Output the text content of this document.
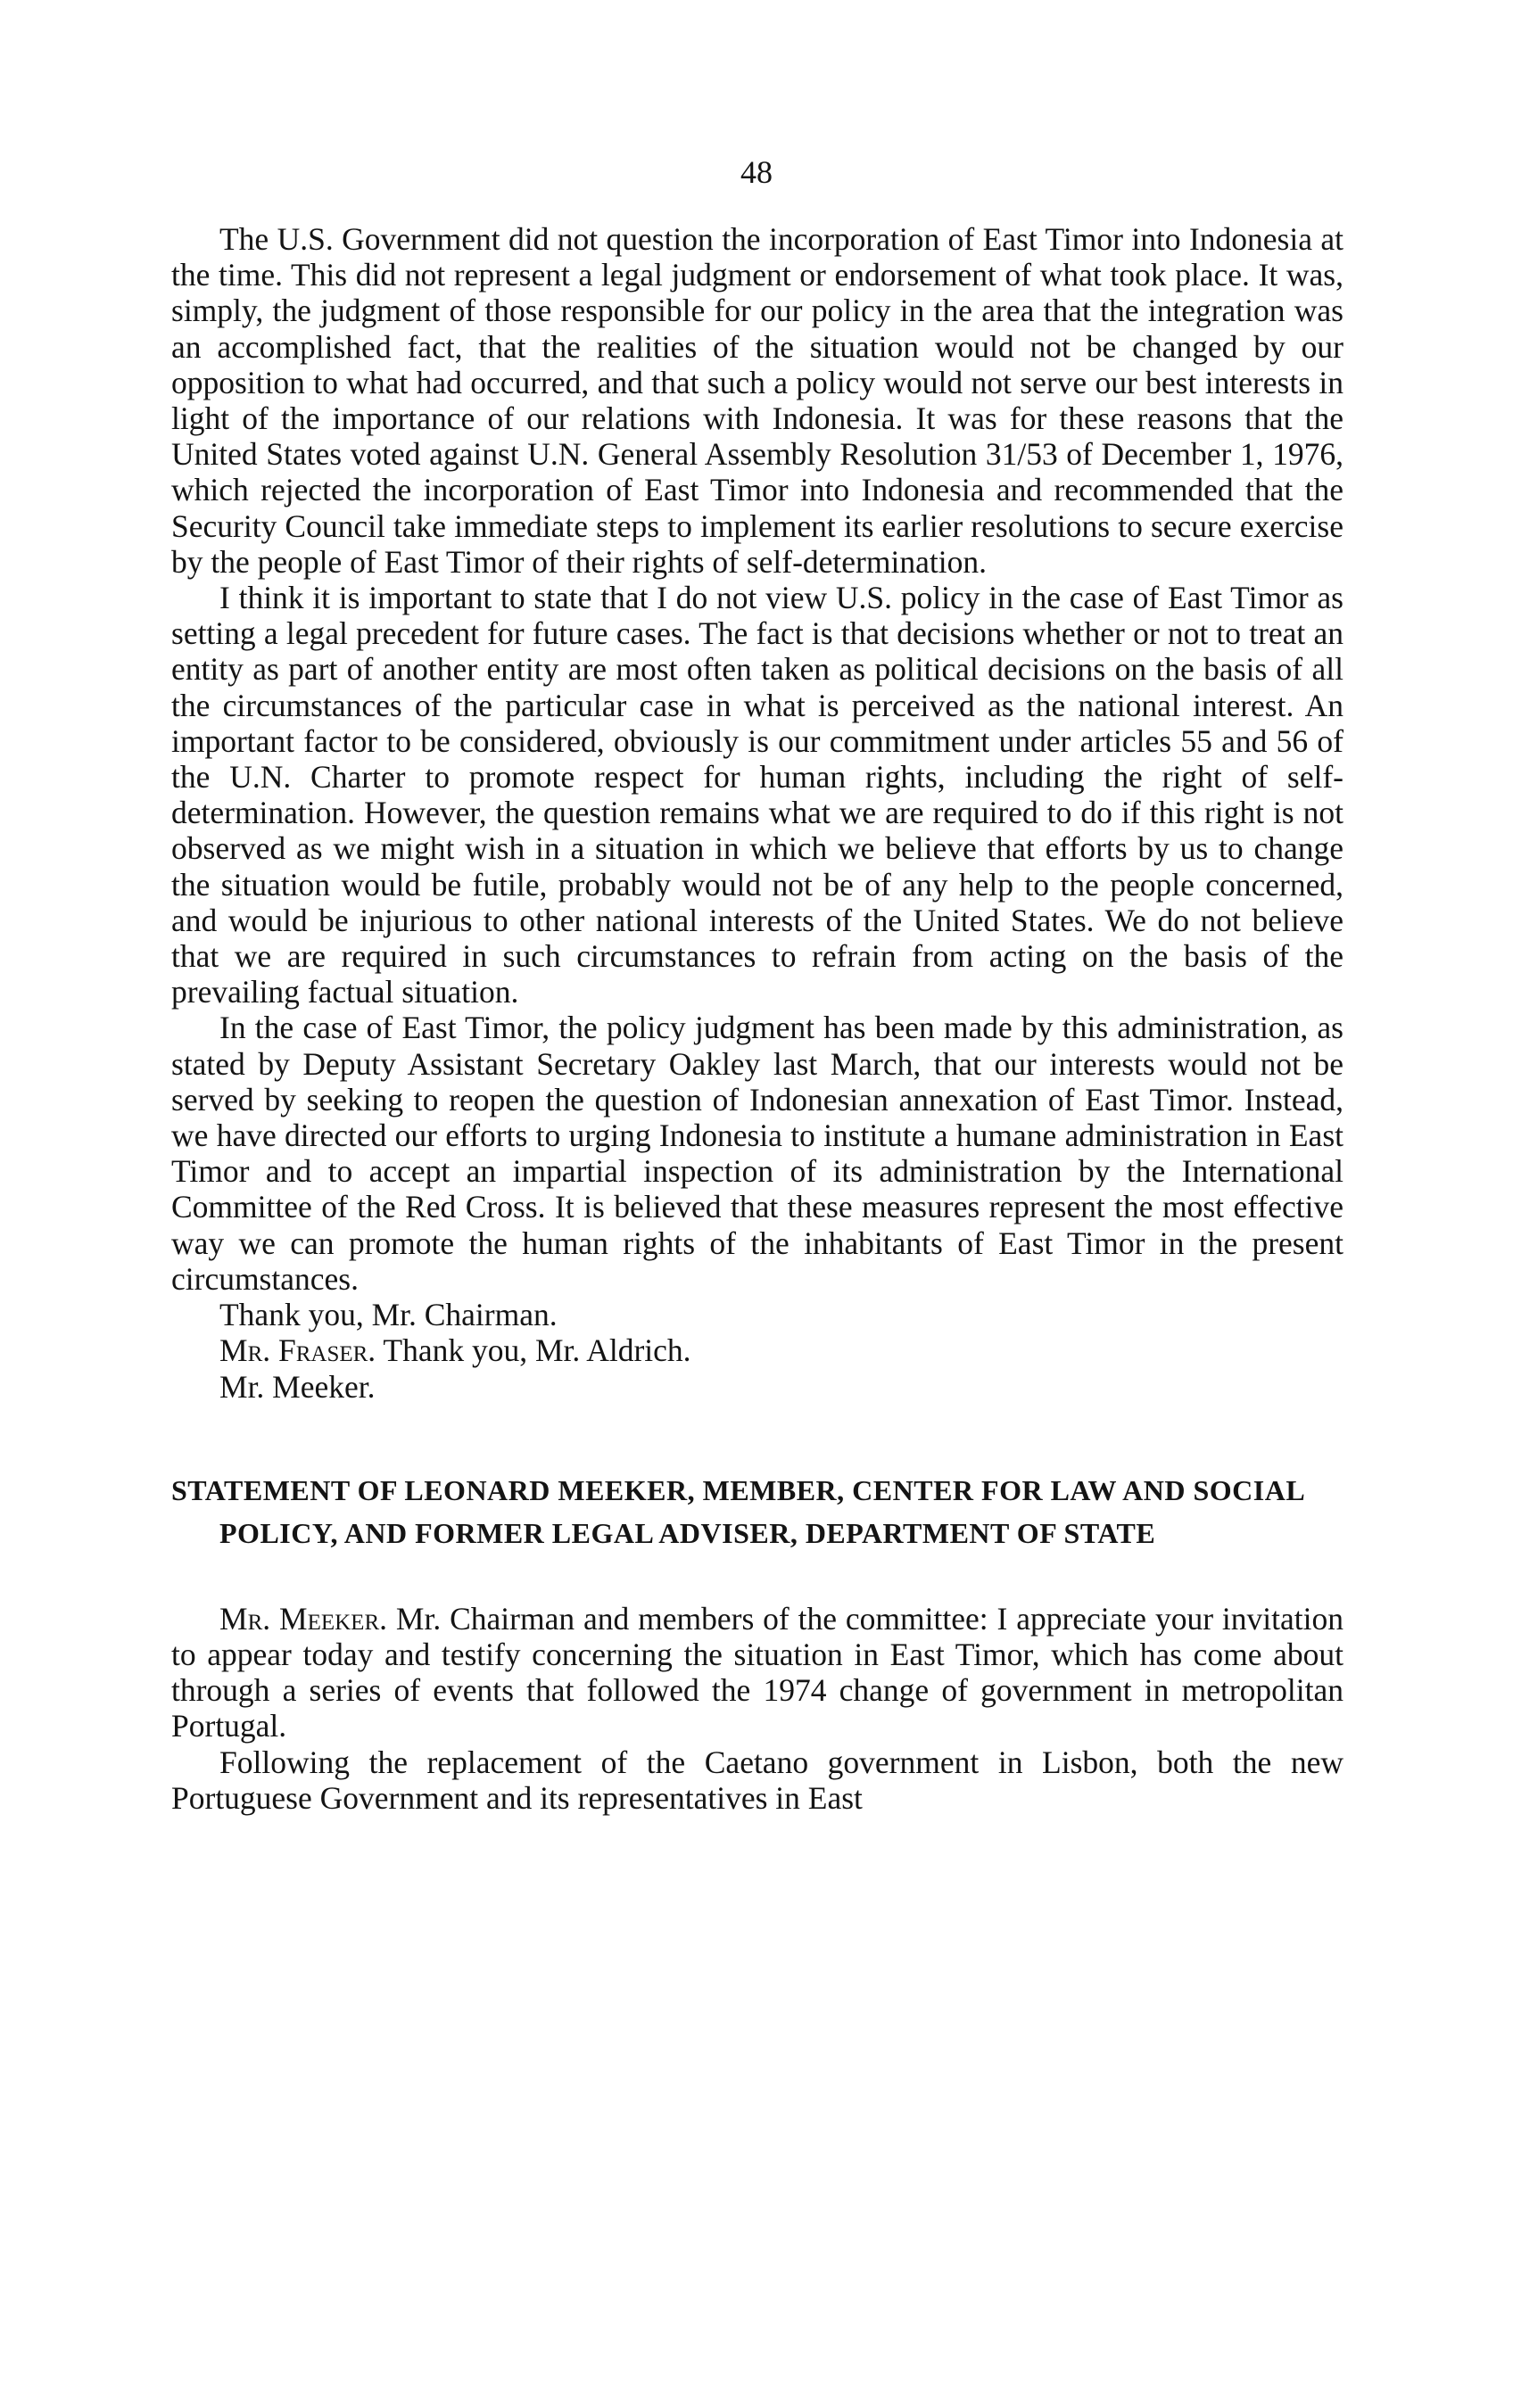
48

The U.S. Government did not question the incorporation of East Timor into Indonesia at the time. This did not represent a legal judgment or endorsement of what took place. It was, simply, the judgment of those responsible for our policy in the area that the integration was an accomplished fact, that the realities of the situation would not be changed by our opposition to what had occurred, and that such a policy would not serve our best interests in light of the importance of our relations with Indonesia. It was for these reasons that the United States voted against U.N. General Assembly Resolution 31/53 of December 1, 1976, which rejected the incorporation of East Timor into Indonesia and recommended that the Security Council take immediate steps to implement its earlier resolutions to secure exercise by the people of East Timor of their rights of self-determination.

I think it is important to state that I do not view U.S. policy in the case of East Timor as setting a legal precedent for future cases. The fact is that decisions whether or not to treat an entity as part of another entity are most often taken as political decisions on the basis of all the circumstances of the particular case in what is perceived as the national interest. An important factor to be considered, obviously is our commitment under articles 55 and 56 of the U.N. Charter to promote respect for human rights, including the right of self-determination. However, the question remains what we are required to do if this right is not observed as we might wish in a situation in which we believe that efforts by us to change the situation would be futile, probably would not be of any help to the people concerned, and would be injurious to other national interests of the United States. We do not believe that we are required in such circumstances to refrain from acting on the basis of the prevailing factual situation.

In the case of East Timor, the policy judgment has been made by this administration, as stated by Deputy Assistant Secretary Oakley last March, that our interests would not be served by seeking to reopen the question of Indonesian annexation of East Timor. Instead, we have directed our efforts to urging Indonesia to institute a humane administration in East Timor and to accept an impartial inspection of its administration by the International Committee of the Red Cross. It is believed that these measures represent the most effective way we can promote the human rights of the inhabitants of East Timor in the present circumstances.

Thank you, Mr. Chairman.

Mr. Fraser. Thank you, Mr. Aldrich.

Mr. Meeker.

STATEMENT OF LEONARD MEEKER, MEMBER, CENTER FOR LAW AND SOCIAL POLICY, AND FORMER LEGAL ADVISER, DEPARTMENT OF STATE

Mr. Meeker. Mr. Chairman and members of the committee: I appreciate your invitation to appear today and testify concerning the situation in East Timor, which has come about through a series of events that followed the 1974 change of government in metropolitan Portugal.

Following the replacement of the Caetano government in Lisbon, both the new Portuguese Government and its representatives in East
